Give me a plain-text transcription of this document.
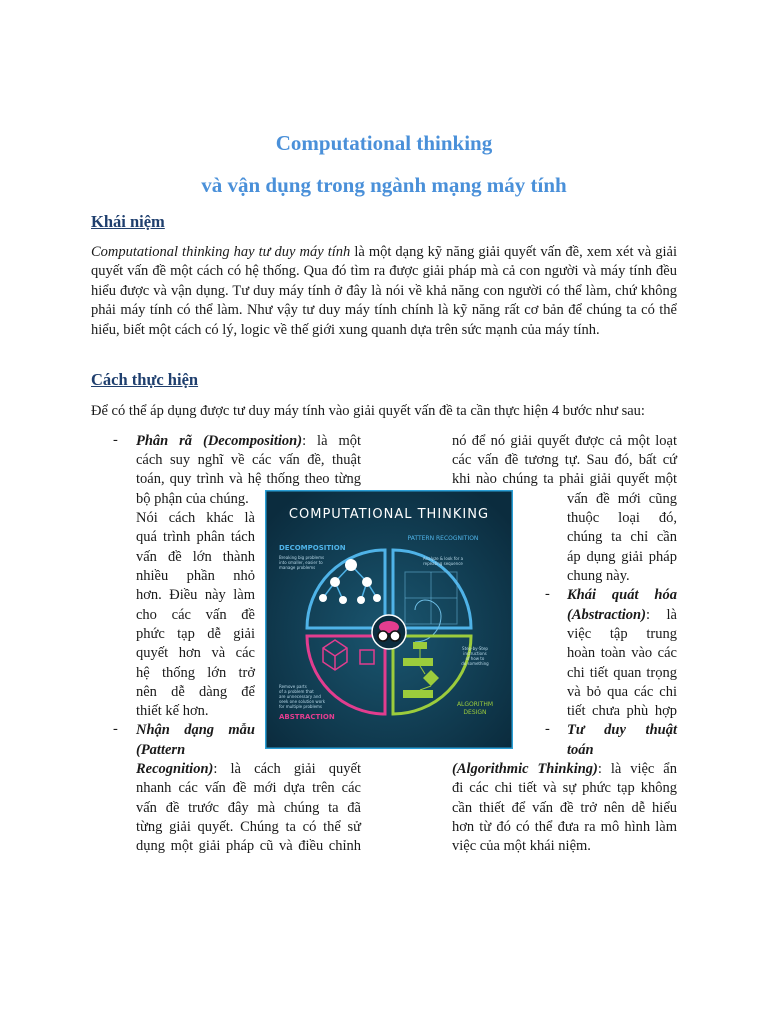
Computational thinking
và vận dụng trong ngành mạng máy tính
Khái niệm

Computational thinking hay tư duy máy tính là một dạng kỹ năng giải quyết vấn đề, xem xét và giải quyết vấn đề một cách có hệ thống. Qua đó tìm ra được giải pháp mà cả con người và máy tính đều hiểu được và vận dụng. Tư duy máy tính ở đây là nói về khả năng con người có thể làm, chứ không phải máy tính có thể làm. Như vậy tư duy máy tính chính là kỹ năng rất cơ bản để chúng ta có thể hiểu, biết một cách có lý, logic về thế giới xung quanh dựa trên sức mạnh của máy tính.

Cách thực hiện

Để có thể áp dụng được tư duy máy tính vào giải quyết vấn đề ta cần thực hiện 4 bước như sau:

- Phân rã (Decomposition): là một
cách suy nghĩ về các vấn đề, thuật
toán, quy trình và hệ thống theo từng
bộ phận của chúng.
Nói cách khác là
quá trình phân tách
vấn đề lớn thành
nhiều phần nhỏ
hơn. Điều này làm
cho các vấn đề
phức tạp dễ giải
quyết hơn và các
hệ thống lớn trở
nên dễ dàng để
thiết kế hơn.
- Nhận dạng mẫu
(Pattern
Recognition): là cách giải quyết
nhanh các vấn đề mới dựa trên các
vấn đề trước đây mà chúng ta đã
từng giải quyết. Chúng ta có thể sử
dụng một giải pháp cũ và điều chỉnh
nó để nó giải quyết được cả một loạt
các vấn đề tương tự. Sau đó, bất cứ
khi nào chúng ta phải giải quyết một
vấn đề mới cũng
thuộc loại đó,
chúng ta chỉ cần
áp dụng giải pháp
chung này.
- Khái quát hóa
(Abstraction): là
việc tập trung
hoàn toàn vào các
chi tiết quan trọng
và bỏ qua các chi
tiết chưa phù hợp
- Tư duy thuật
toán
(Algorithmic Thinking): là việc ẩn
đi các chi tiết và sự phức tạp không
cần thiết để vấn đề trở nên dễ hiểu
hơn từ đó có thể đưa ra mô hình làm
việc của một khái niệm.
COMPUTATIONAL THINKING
DECOMPOSITION
Breaking big problems into smaller, easier to manage problems
PATTERN RECOGNITION
Analyze & look for a repeating sequence
Remove parts of a problem that are unnecessary and seek one solution work for multiple problems
ABSTRACTION
Step-by-Step instructions of how to do something
ALGORITHM DESIGN
